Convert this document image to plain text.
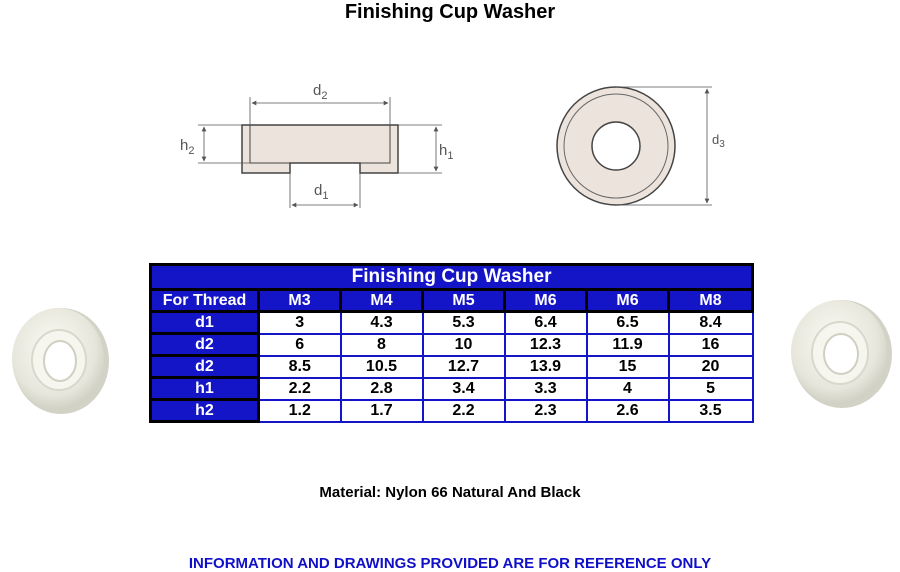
Finishing Cup Washer
$d_2$
$d_1$
$h_2$	$h_1$
$d_3$
Finishing Cup Washer						
For Thread	M3	M4	M5	M6	M6	M8
d1	3	4.3	5.3	6.4	6.5	8.4
d2	6	8	10	12.3	11.9	16
d2	8.5	10.5	12.7	13.9	15	20
h1	2.2	2.8	3.4	3.3	4	5
h2	1.2	1.7	2.2	2.3	2.6	3.5
Material: Nylon 66 Natural And Black
INFORMATION AND DRAWINGS PROVIDED ARE FOR REFERENCE ONLY
